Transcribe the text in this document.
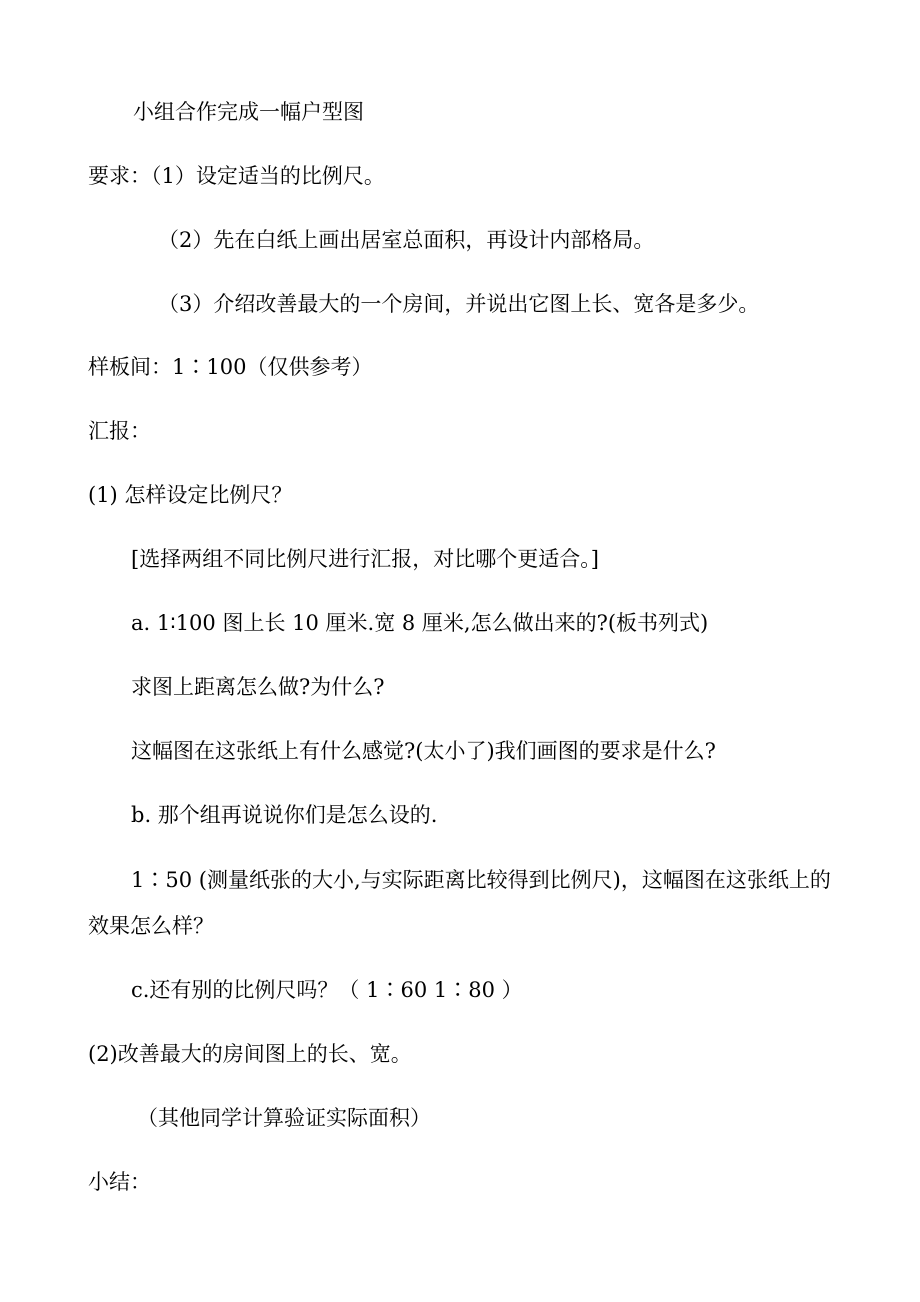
小组合作完成一幅户型图
要求：（1）设定适当的比例尺。
（2）先在白纸上画出居室总面积，再设计内部格局。
（3）介绍改善最大的一个房间，并说出它图上长、宽各是多少。
样板间：1∶100（仅供参考）
汇报：
(1) 怎样设定比例尺？
[选择两组不同比例尺进行汇报，对比哪个更适合。]
a. 1∶100 图上长 10 厘米.宽 8 厘米,怎么做出来的?(板书列式)
求图上距离怎么做?为什么?
这幅图在这张纸上有什么感觉?(太小了)我们画图的要求是什么?
b. 那个组再说说你们是怎么设的.
1∶50 (测量纸张的大小,与实际距离比较得到比例尺)，这幅图在这张纸上的效果怎么样？
c.还有别的比例尺吗？（ 1∶60 1∶80 ）
(2)改善最大的房间图上的长、宽。
（其他同学计算验证实际面积）
小结：
